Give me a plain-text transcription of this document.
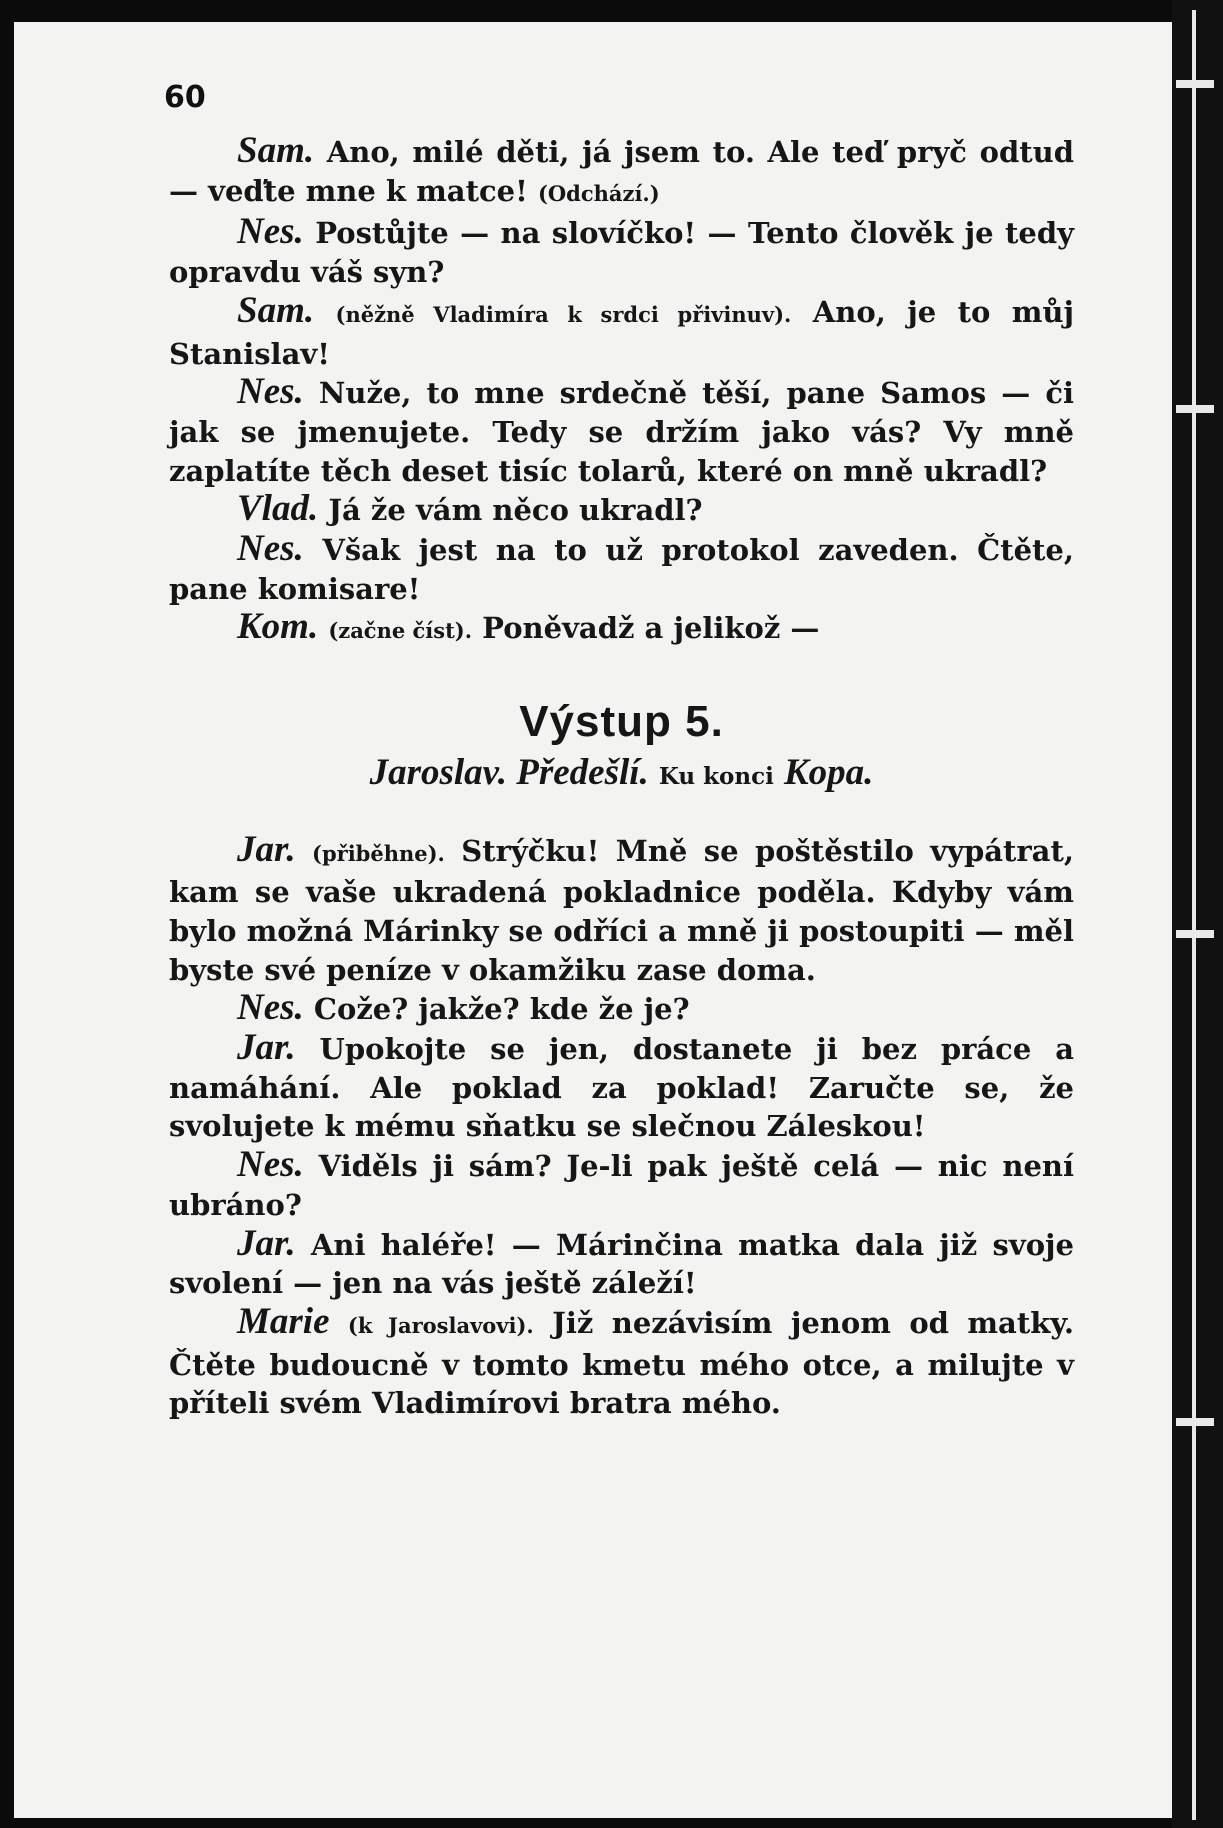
60

Sam. Ano, milé děti, já jsem to. Ale teď pryč odtud — veďte mne k matce! (Odchází.)

Nes. Postůjte — na slovíčko! — Tento člověk je tedy opravdu váš syn?

Sam. (něžně Vladimíra k srdci přivinuv). Ano, je to můj Stanislav!

Nes. Nuže, to mne srdečně těší, pane Samos — či jak se jmenujete. Tedy se držím jako vás? Vy mně zaplatíte těch deset tisíc tolarů, které on mně ukradl?

Vlad. Já že vám něco ukradl?

Nes. Však jest na to už protokol zaveden. Čtěte, pane komisare!

Kom. (začne číst). Poněvadž a jelikož —

Výstup 5.
Jaroslav. Předešlí. Ku konci Kopa.

Jar. (přiběhne). Strýčku! Mně se poštěstilo vypátrat, kam se vaše ukradená pokladnice poděla. Kdyby vám bylo možná Márinky se odříci a mně ji postoupiti — měl byste své peníze v okamžiku zase doma.

Nes. Cože? jakže? kde že je?

Jar. Upokojte se jen, dostanete ji bez práce a namáhání. Ale poklad za poklad! Zaručte se, že svolujete k mému sňatku se slečnou Záleskou!

Nes. Viděls ji sám? Je-li pak ještě celá — nic není ubráno?

Jar. Ani haléře! — Márinčina matka dala již svoje svolení — jen na vás ještě záleží!

Marie (k Jaroslavovi). Již nezávisím jenom od matky. Čtěte budoucně v tomto kmetu mého otce, a milujte v příteli svém Vladimírovi bratra mého.
